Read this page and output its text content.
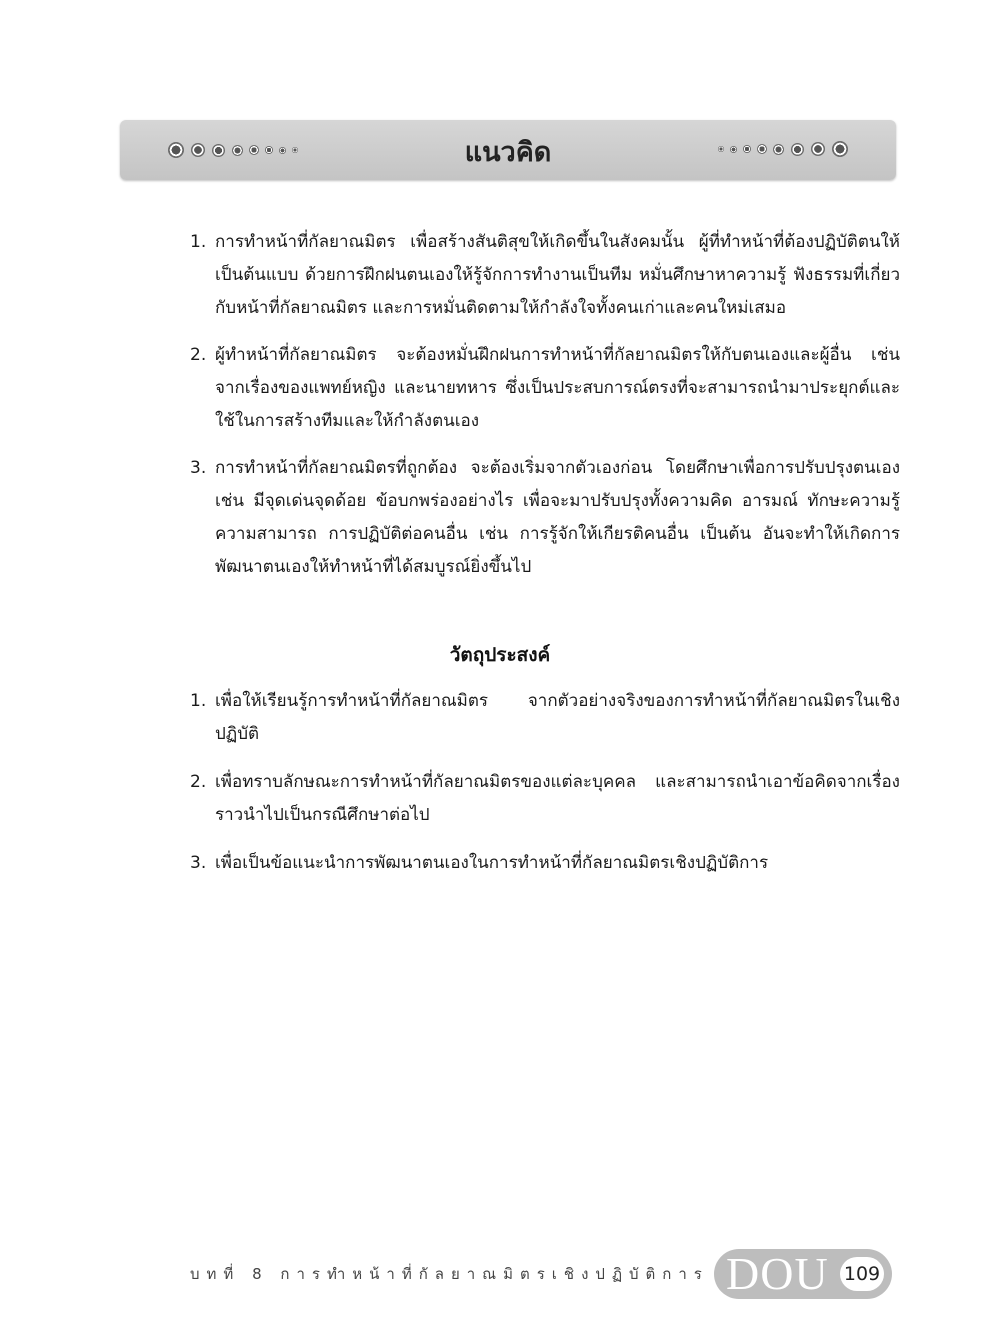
แนวคิด
1. การทำหน้าที่กัลยาณมิตร เพื่อสร้างสันติสุขให้เกิดขึ้นในสังคมนั้น ผู้ที่ทำหน้าที่ต้องปฏิบัติตนให้เป็นต้นแบบ ด้วยการฝึกฝนตนเองให้รู้จักการทำงานเป็นทีม หมั่นศึกษาหาความรู้ ฟังธรรมที่เกี่ยวกับหน้าที่กัลยาณมิตร และการหมั่นติดตามให้กำลังใจทั้งคนเก่าและคนใหม่เสมอ
2. ผู้ทำหน้าที่กัลยาณมิตร จะต้องหมั่นฝึกฝนการทำหน้าที่กัลยาณมิตรให้กับตนเองและผู้อื่น เช่น จากเรื่องของแพทย์หญิง และนายทหาร ซึ่งเป็นประสบการณ์ตรงที่จะสามารถนำมาประยุกต์และใช้ในการสร้างทีมและให้กำลังตนเอง
3. การทำหน้าที่กัลยาณมิตรที่ถูกต้อง จะต้องเริ่มจากตัวเองก่อน โดยศึกษาเพื่อการปรับปรุงตนเอง เช่น มีจุดเด่นจุดด้อย ข้อบกพร่องอย่างไร เพื่อจะมาปรับปรุงทั้งความคิด อารมณ์ ทักษะความรู้ความสามารถ การปฏิบัติต่อคนอื่น เช่น การรู้จักให้เกียรติคนอื่น เป็นต้น อันจะทำให้เกิดการพัฒนาตนเองให้ทำหน้าที่ได้สมบูรณ์ยิ่งขึ้นไป
วัตถุประสงค์
1. เพื่อให้เรียนรู้การทำหน้าที่กัลยาณมิตร จากตัวอย่างจริงของการทำหน้าที่กัลยาณมิตรในเชิงปฏิบัติ
2. เพื่อทราบลักษณะการทำหน้าที่กัลยาณมิตรของแต่ละบุคคล และสามารถนำเอาข้อคิดจากเรื่องราวนำไปเป็นกรณีศึกษาต่อไป
3. เพื่อเป็นข้อแนะนำการพัฒนาตนเองในการทำหน้าที่กัลยาณมิตรเชิงปฏิบัติการ
บทที่ 8 การทำหน้าที่กัลยาณมิตรเชิงปฏิบัติการ DOU 109
